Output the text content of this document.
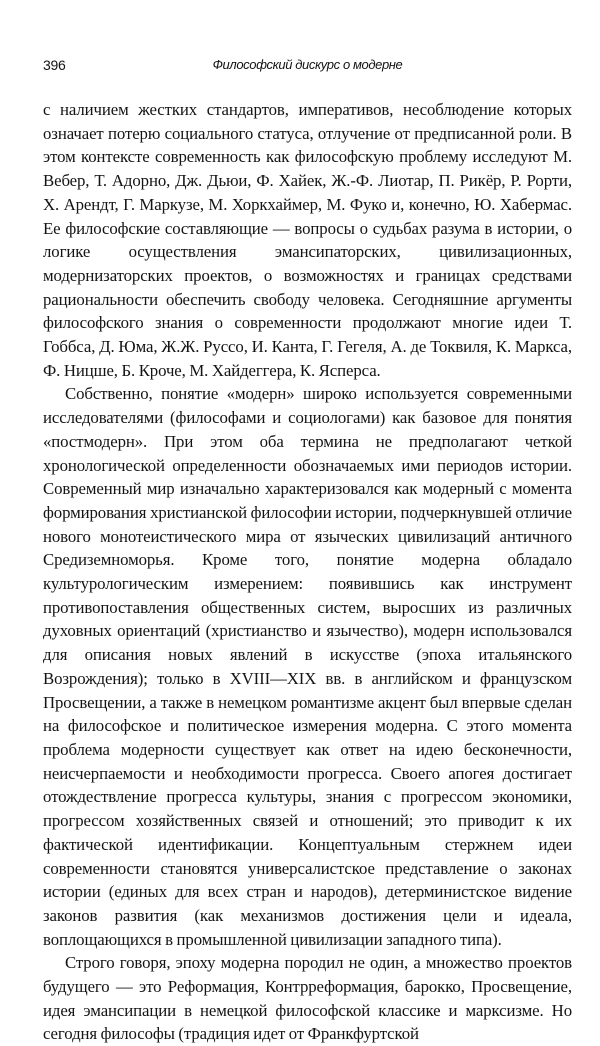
396	Философский дискурс о модерне

с наличием жестких стандартов, императивов, несоблюдение которых означает потерю социального статуса, отлучение от предписанной роли. В этом контексте современность как философскую проблему исследуют М. Вебер, Т. Адорно, Дж. Дьюи, Ф. Хайек, Ж.-Ф. Лиотар, П. Рикёр, Р. Рорти, Х. Арендт, Г. Маркузе, М. Хоркхаймер, М. Фуко и, конечно, Ю. Хабермас. Ее философские составляющие — вопросы о судьбах разума в истории, о логике осуществления эмансипаторских, цивилизационных, модернизаторских проектов, о возможностях и границах средствами рациональности обеспечить свободу человека. Сегодняшние аргументы философского знания о современности продолжают многие идеи Т. Гоббса, Д. Юма, Ж.Ж. Руссо, И. Канта, Г. Гегеля, А. де Токвиля, К. Маркса, Ф. Ницше, Б. Кроче, М. Хайдеггера, К. Ясперса.

Собственно, понятие «модерн» широко используется современными исследователями (философами и социологами) как базовое для понятия «постмодерн». При этом оба термина не предполагают четкой хронологической определенности обозначаемых ими периодов истории. Современный мир изначально характеризовался как модерный с момента формирования христианской философии истории, подчеркнувшей отличие нового монотеистического мира от языческих цивилизаций античного Средиземноморья. Кроме того, понятие модерна обладало культурологическим измерением: появившись как инструмент противопоставления общественных систем, выросших из различных духовных ориентаций (христианство и язычество), модерн использовался для описания новых явлений в искусстве (эпоха итальянского Возрождения); только в XVIII—XIX вв. в английском и французском Просвещении, а также в немецком романтизме акцент был впервые сделан на философское и политическое измерения модерна. С этого момента проблема модерности существует как ответ на идею бесконечности, неисчерпаемости и необходимости прогресса. Своего апогея достигает отождествление прогресса культуры, знания с прогрессом экономики, прогрессом хозяйственных связей и отношений; это приводит к их фактической идентификации. Концептуальным стержнем идеи современности становятся универсалистское представление о законах истории (единых для всех стран и народов), детерминистское видение законов развития (как механизмов достижения цели и идеала, воплощающихся в промышленной цивилизации западного типа).

Строго говоря, эпоху модерна породил не один, а множество проектов будущего — это Реформация, Контрреформация, барокко, Просвещение, идея эмансипации в немецкой философской классике и марксизме. Но сегодня философы (традиция идет от Франкфуртской
